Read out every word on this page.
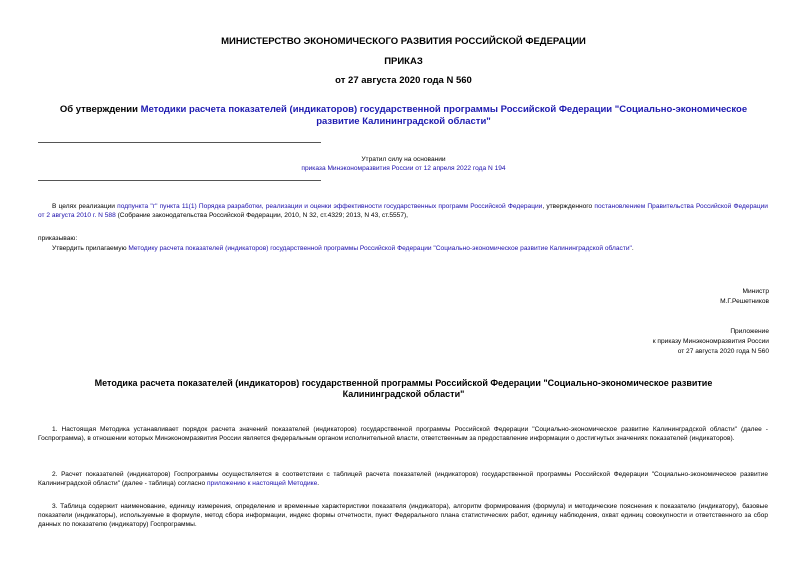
МИНИСТЕРСТВО ЭКОНОМИЧЕСКОГО РАЗВИТИЯ РОССИЙСКОЙ ФЕДЕРАЦИИ
ПРИКАЗ
от 27 августа 2020 года N 560
Об утверждении Методики расчета показателей (индикаторов) государственной программы Российской Федерации "Социально-экономическое развитие Калининградской области"
Утратил силу на основании
приказа Минэкономразвития России от 12 апреля 2022 года N 194
В целях реализации подпункта "г" пункта 11(1) Порядка разработки, реализации и оценки эффективности государственных программ Российской Федерации, утвержденного постановлением Правительства Российской Федерации от 2 августа 2010 г. N 588 (Собрание законодательства Российской Федерации, 2010, N 32, ст.4329; 2013, N 43, ст.5557),
приказываю:
Утвердить прилагаемую Методику расчета показателей (индикаторов) государственной программы Российской Федерации "Социально-экономическое развитие Калининградской области".
Министр
М.Г.Решетников
Приложение
к приказу Минэкономразвития России
от 27 августа 2020 года N 560
Методика расчета показателей (индикаторов) государственной программы Российской Федерации "Социально-экономическое развитие Калининградской области"
1. Настоящая Методика устанавливает порядок расчета значений показателей (индикаторов) государственной программы Российской Федерации "Социально-экономическое развитие Калининградской области" (далее - Госпрограмма), в отношении которых Минэкономразвития России является федеральным органом исполнительной власти, ответственным за предоставление информации о достигнутых значениях показателей (индикаторов).
2. Расчет показателей (индикаторов) Госпрограммы осуществляется в соответствии с таблицей расчета показателей (индикаторов) государственной программы Российской Федерации "Социально-экономическое развитие Калининградской области" (далее - таблица) согласно приложению к настоящей Методике.
3. Таблица содержит наименование, единицу измерения, определение и временные характеристики показателя (индикатора), алгоритм формирования (формула) и методические пояснения к показателю (индикатору), базовые показатели (индикаторы), используемые в формуле, метод сбора информации, индекс формы отчетности, пункт Федерального плана статистических работ, единицу наблюдения, охват единиц совокупности и ответственного за сбор данных по показателю (индикатору) Госпрограммы.
